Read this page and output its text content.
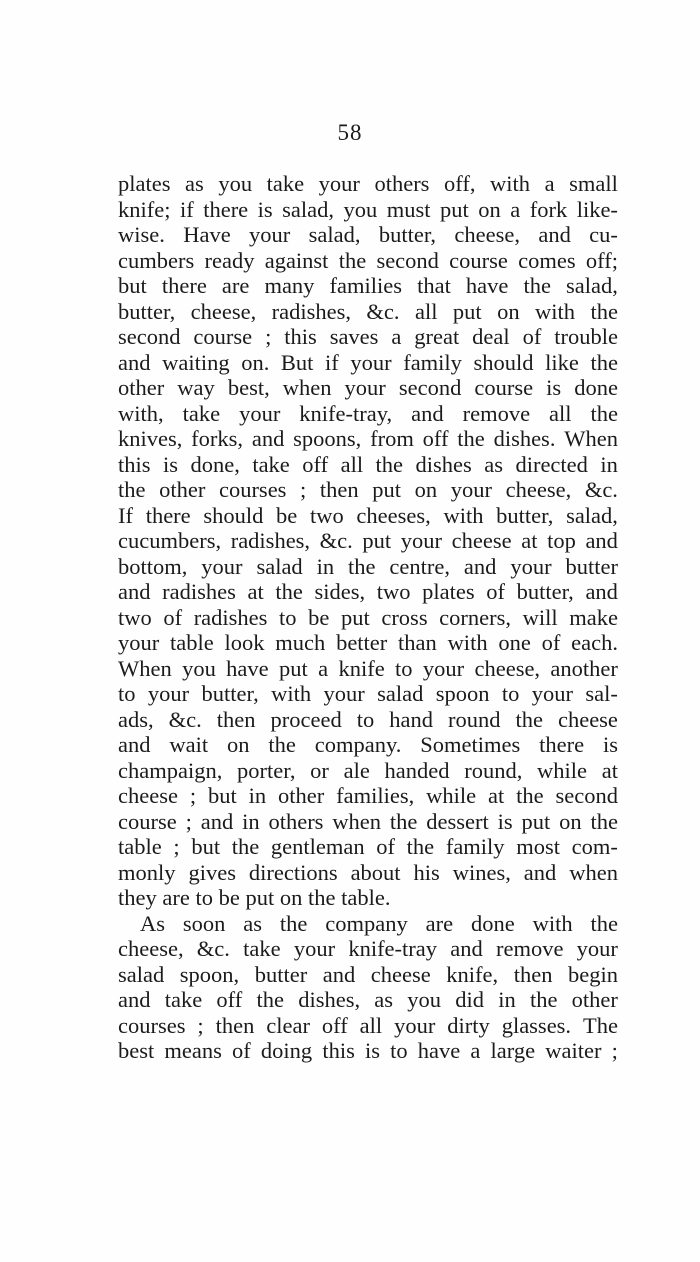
58
plates as you take your others off, with a small
knife; if there is salad, you must put on a fork like-
wise. Have your salad, butter, cheese, and cu-
cumbers ready against the second course comes off;
but there are many families that have the salad,
butter, cheese, radishes, &c. all put on with the
second course ; this saves a great deal of trouble
and waiting on. But if your family should like the
other way best, when your second course is done
with, take your knife-tray, and remove all the
knives, forks, and spoons, from off the dishes. When
this is done, take off all the dishes as directed in
the other courses ; then put on your cheese, &c.
If there should be two cheeses, with butter, salad,
cucumbers, radishes, &c. put your cheese at top and
bottom, your salad in the centre, and your butter
and radishes at the sides, two plates of butter, and
two of radishes to be put cross corners, will make
your table look much better than with one of each.
When you have put a knife to your cheese, another
to your butter, with your salad spoon to your sal-
ads, &c. then proceed to hand round the cheese
and wait on the company. Sometimes there is
champaign, porter, or ale handed round, while at
cheese ; but in other families, while at the second
course ; and in others when the dessert is put on the
table ; but the gentleman of the family most com-
monly gives directions about his wines, and when
they are to be put on the table.
As soon as the company are done with the
cheese, &c. take your knife-tray and remove your
salad spoon, butter and cheese knife, then begin
and take off the dishes, as you did in the other
courses ; then clear off all your dirty glasses. The
best means of doing this is to have a large waiter ;
